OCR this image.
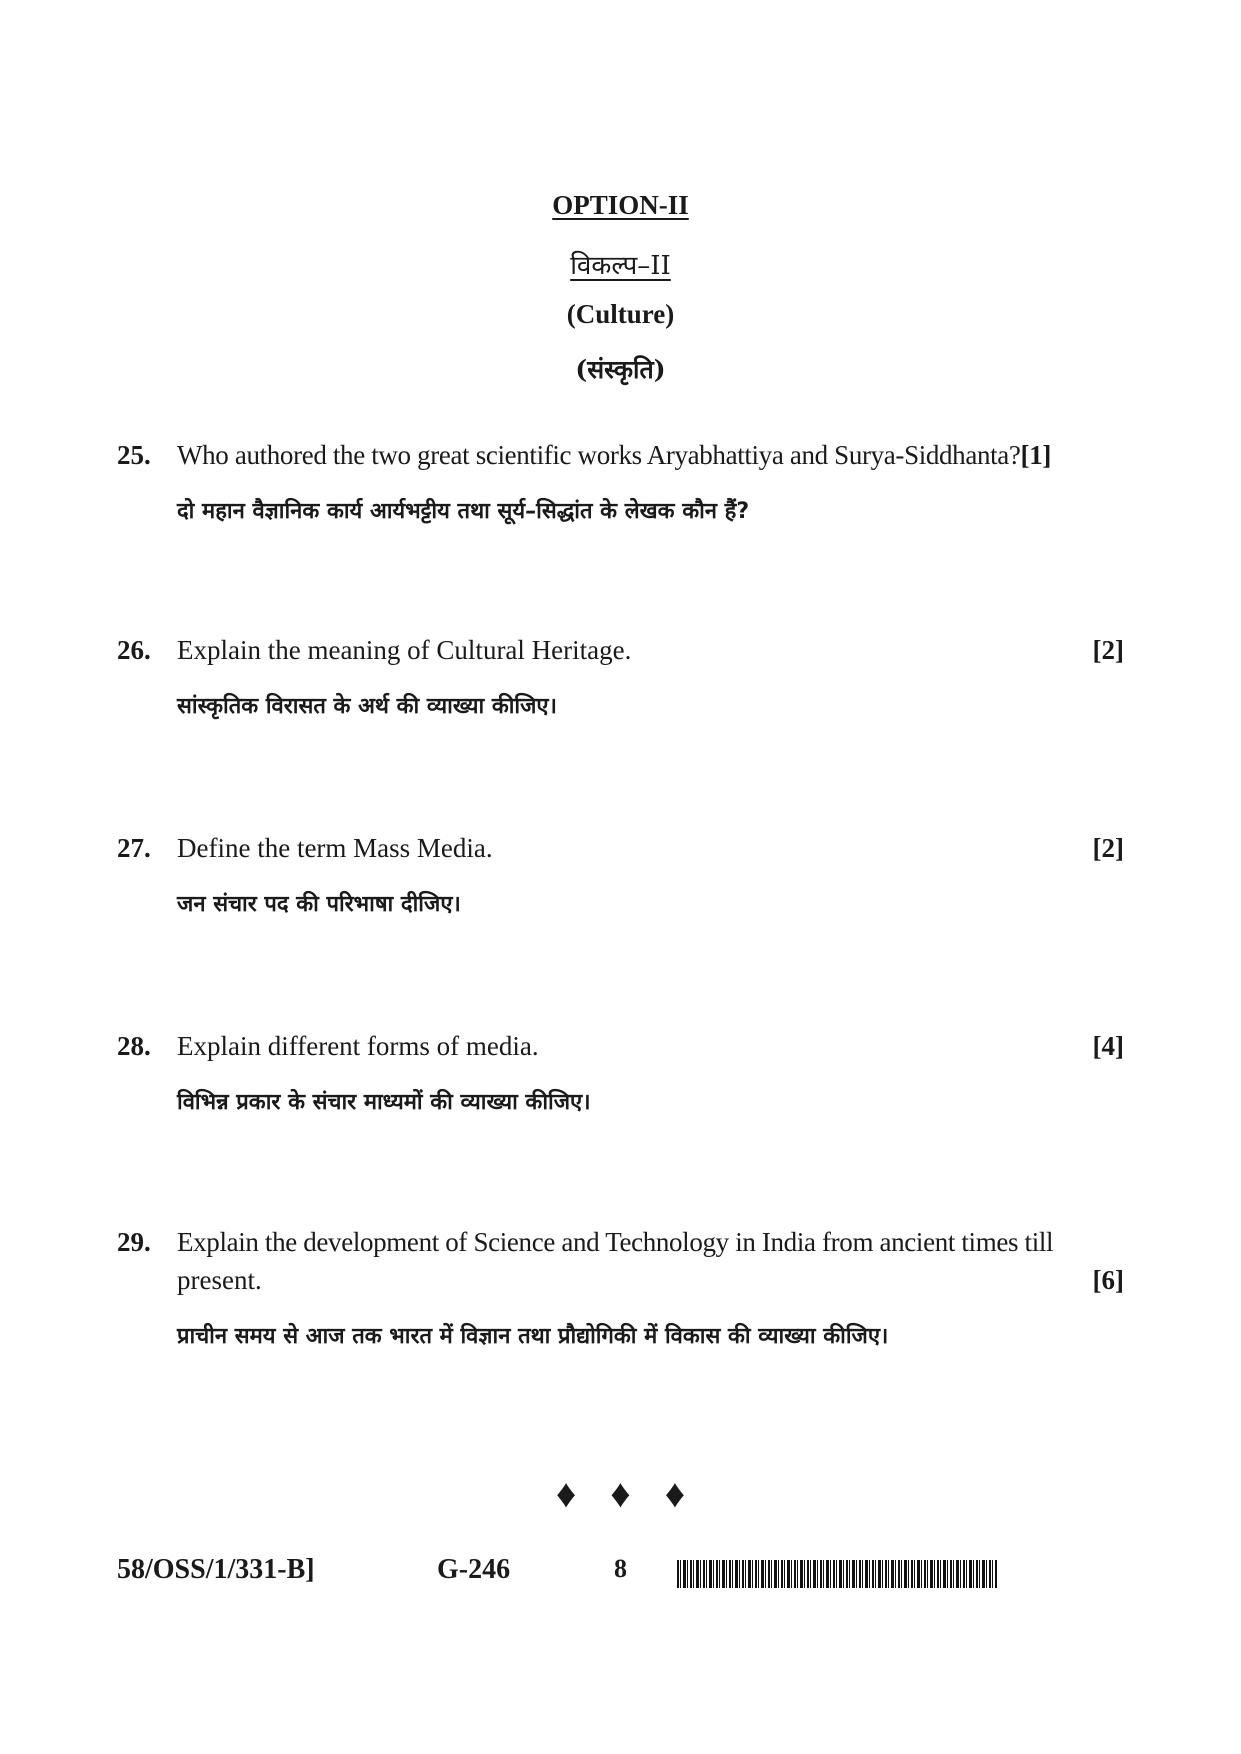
OPTION-II
विकल्प–II
(Culture)
(संस्कृति)
25. Who authored the two great scientific works Aryabhattiya and Surya-Siddhanta?[1]
दो महान वैज्ञानिक कार्य आर्यभट्टीय तथा सूर्य–सिद्धांत के लेखक कौन हैं?
26. Explain the meaning of Cultural Heritage.	[2]
सांस्कृतिक विरासत के अर्थ की व्याख्या कीजिए।
27. Define the term Mass Media.	[2]
जन संचार पद की परिभाषा दीजिए।
28. Explain different forms of media.	[4]
विभिन्न प्रकार के संचार माध्यमों की व्याख्या कीजिए।
29. Explain the development of Science and Technology in India from ancient times till
present.	[6]
प्राचीन समय से आज तक भारत में विज्ञान तथा प्रौद्योगिकी में विकास की व्याख्या कीजिए।
♦♦♦
58/OSS/1/331-B]	G-246	8
